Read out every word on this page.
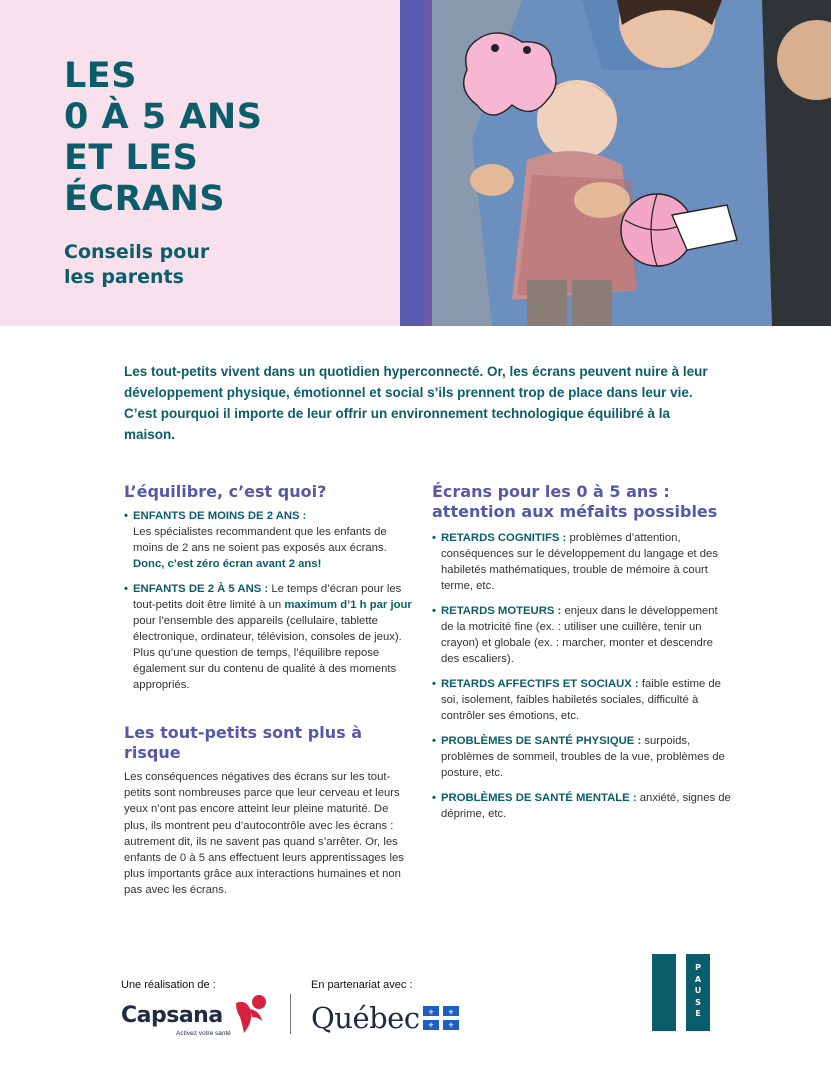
LES
0 À 5 ANS
ET LES
ÉCRANS
Conseils pour
les parents

Les tout-petits vivent dans un quotidien hyperconnecté. Or, les écrans peuvent nuire à leur développement physique, émotionnel et social s’ils prennent trop de place dans leur vie. C’est pourquoi il importe de leur offrir un environnement technologique équilibré à la maison.

L’équilibre, c’est quoi?
• ENFANTS DE MOINS DE 2 ANS :
Les spécialistes recommandent que les enfants de moins de 2 ans ne soient pas exposés aux écrans. Donc, c’est zéro écran avant 2 ans!
• ENFANTS DE 2 À 5 ANS : Le temps d’écran pour les tout-petits doit être limité à un maximum d’1 h par jour pour l’ensemble des appareils (cellulaire, tablette électronique, ordinateur, télévision, consoles de jeux). Plus qu’une question de temps, l’équilibre repose également sur du contenu de qualité à des moments appropriés.
Les tout-petits sont plus à risque

Les conséquences négatives des écrans sur les tout-petits sont nombreuses parce que leur cerveau et leurs yeux n’ont pas encore atteint leur pleine maturité. De plus, ils montrent peu d’autocontrôle avec les écrans : autrement dit, ils ne savent pas quand s’arrêter. Or, les enfants de 0 à 5 ans effectuent leurs apprentissages les plus importants grâce aux interactions humaines et non pas avec les écrans.

Écrans pour les 0 à 5 ans : attention aux méfaits possibles
• RETARDS COGNITIFS : problèmes d’attention, conséquences sur le développement du langage et des habiletés mathématiques, trouble de mémoire à court terme, etc.
• RETARDS MOTEURS : enjeux dans le développement de la motricité fine (ex. : utiliser une cuillère, tenir un crayon) et globale (ex. : marcher, monter et descendre des escaliers).
• RETARDS AFFECTIFS ET SOCIAUX : faible estime de soi, isolement, faibles habiletés sociales, difficulté à contrôler ses émotions, etc.
• PROBLÈMES DE SANTÉ PHYSIQUE : surpoids, problèmes de sommeil, troubles de la vue, problèmes de posture, etc.
• PROBLÈMES DE SANTÉ MENTALE : anxiété, signes de déprime, etc.
Une réalisation de :	En partenariat avec :
Capsana
Activez votre santé	Québec ⚜ ⚜
⚜ ⚜
P
A
U
S
E
